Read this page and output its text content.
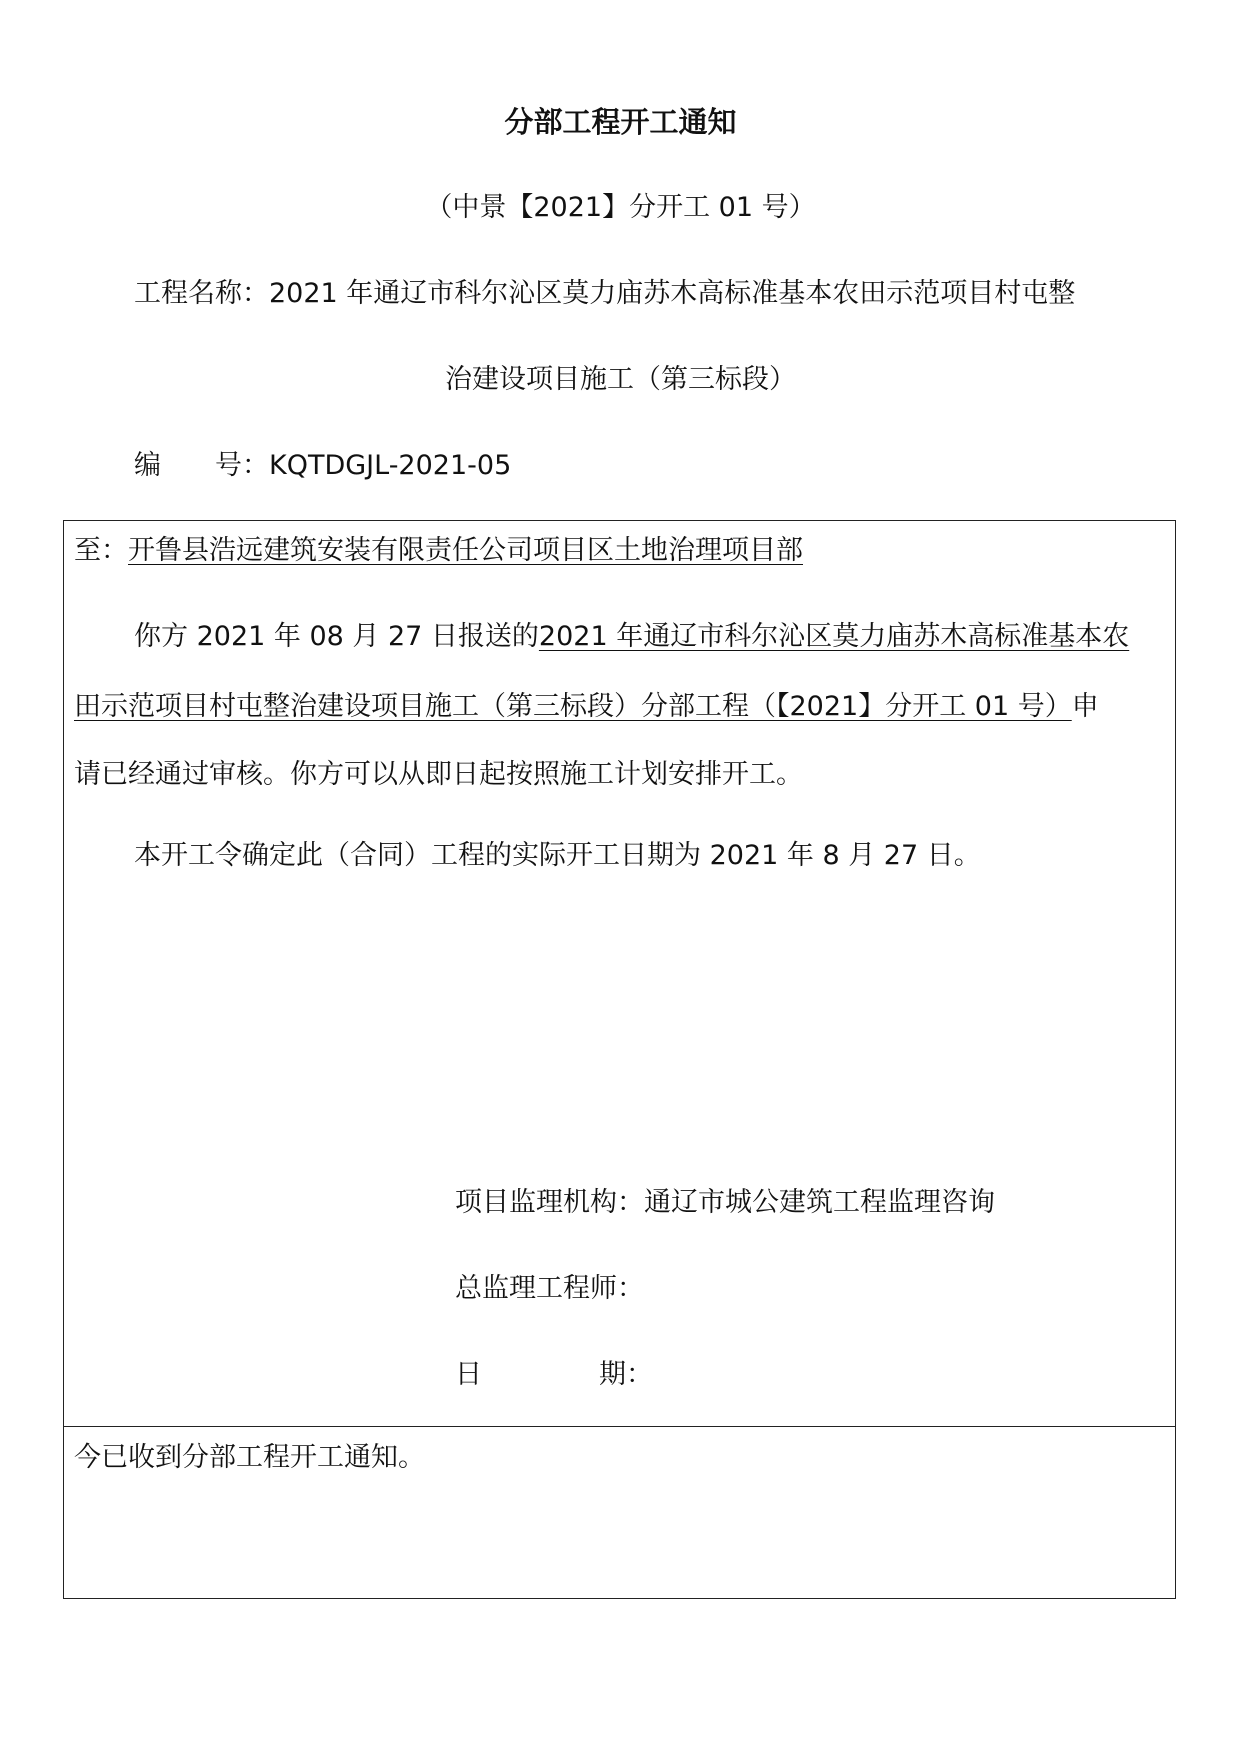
分部工程开工通知
（中景【2021】分开工 01 号）
工程名称：2021 年通辽市科尔沁区莫力庙苏木高标准基本农田示范项目村屯整
治建设项目施工（第三标段）
编　　号：KQTDGJL-2021-05
至：开鲁县浩远建筑安装有限责任公司项目区土地治理项目部
你方 2021 年 08 月 27 日报送的2021 年通辽市科尔沁区莫力庙苏木高标准基本农
田示范项目村屯整治建设项目施工（第三标段）分部工程（【2021】分开工 01 号）申
请已经通过审核。你方可以从即日起按照施工计划安排开工。
本开工令确定此（合同）工程的实际开工日期为 2021 年 8 月 27 日。
项目监理机构：通辽市城公建筑工程监理咨询
总监理工程师：
日	期：
今已收到分部工程开工通知。
